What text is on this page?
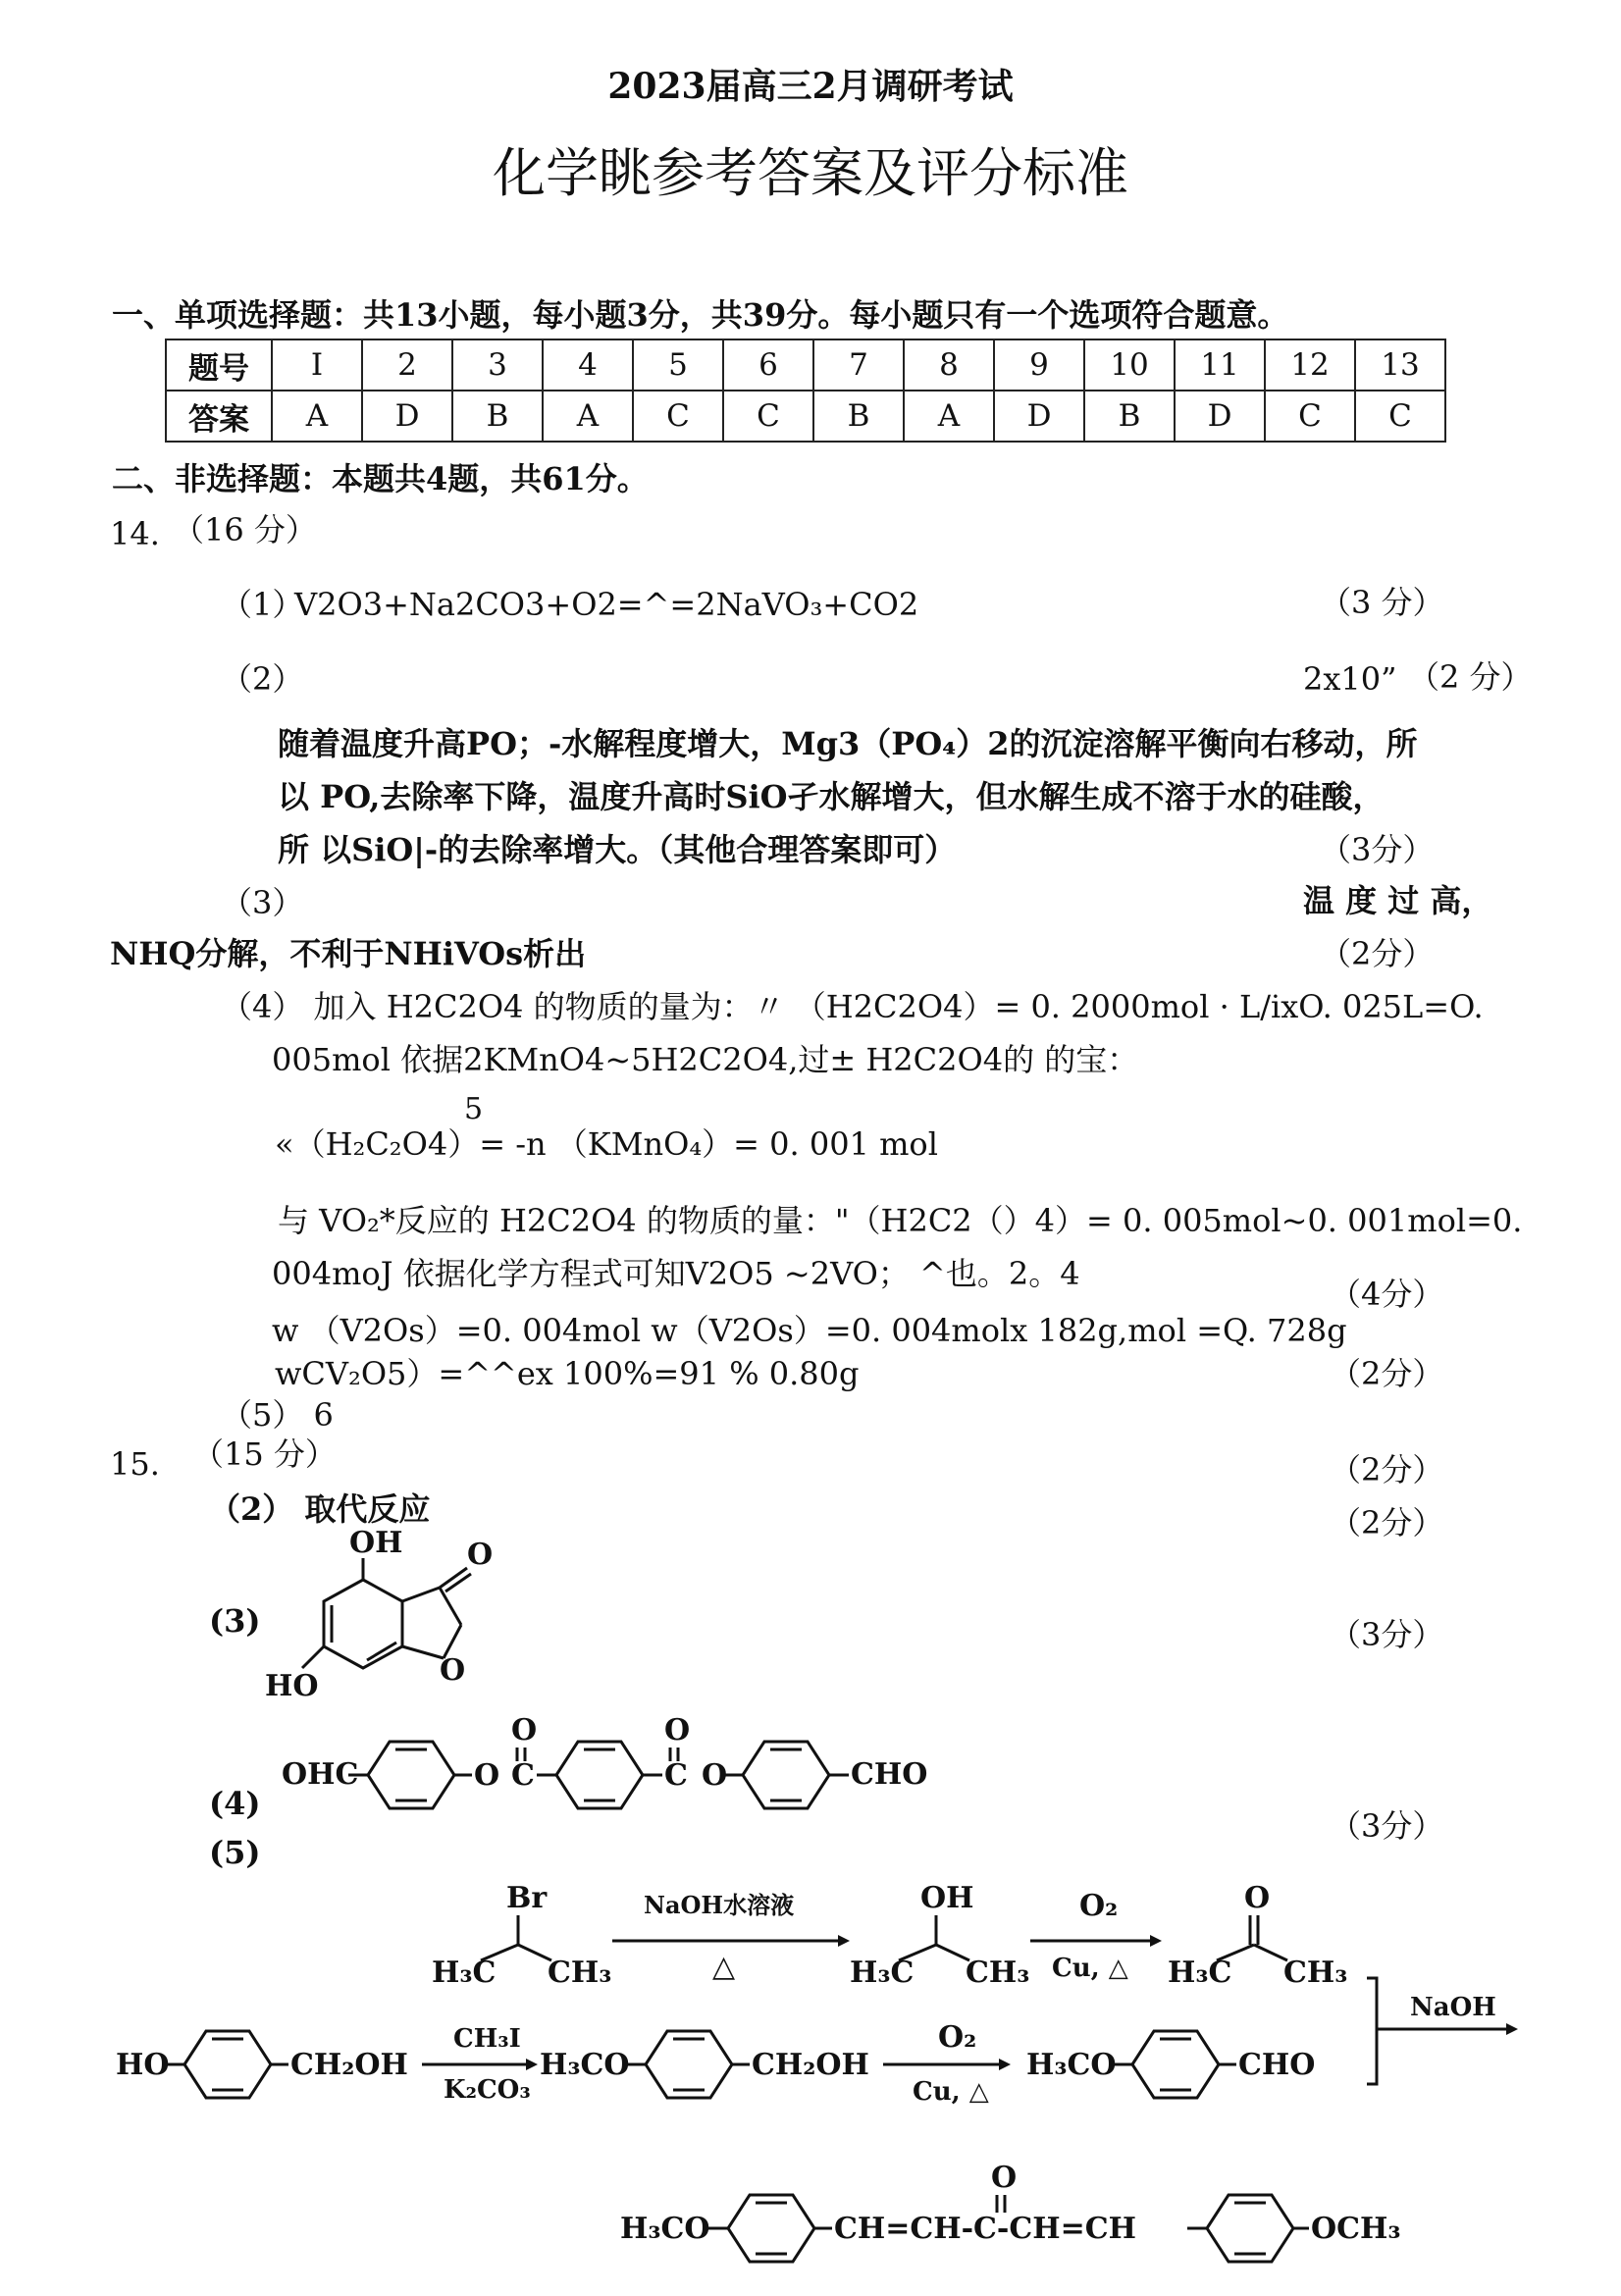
2023届高三2月调研考试
化学眺参考答案及评分标准
一、单项选择题：共13小题，每小题3分，共39分。每小题只有一个选项符合题意。
题号	I	2	3	4	5	6	7	8	9	10	11	12	13
答案	A	D	B	A	C	C	B	A	D	B	D	C	C
二、非选择题：本题共4题，共61分。
14. （16 分）
（1）
V2O3+Na2CO3+O2=^=2NaVO₃+CO2	（3 分）
（2）	2x10” （2 分）
随着温度升高PO；-水解程度增大，Mg3（PO₄）2的沉淀溶解平衡向右移动，所
以 PO,去除率下降，温度升高时SiO孑水解增大，但水解生成不溶于水的硅酸，
所 以SiO|-的去除率增大。（其他合理答案即可）	（3分）
（3）	温 度 过 高，
NHQ分解，不利于NHiVOs析出	（2分）
（4） 加入 H2C2O4 的物质的量为：〃 （H2C2O4）= 0. 2000mol · L/ixO. 025L=O.
005mol 依据2KMnO4~5H2C2O4,过± H2C2O4的 的宝：
5
«（H₂C₂O4）= -n （KMnO₄）= 0. 001 mol
与 VO₂*反应的 H2C2O4 的物质的量："（H2C2（）4）= 0. 005mol~0. 001mol=0.
004moJ 依据化学方程式可知V2O5 ~2VO； ^也。2。4
（4分）
w （V2Os）=0. 004mol w（V2Os）=0. 004molx 182g,mol =Q. 728g
wCV₂O5）=^^ex 100%=91 % 0.80g	（2分）
（5） 6
15. （15 分）	（2分）
（2） 取代反应	（2分）
(3)	（3分）
(4)
（3分）
(5)
OH O
HO	O
OHC	O C
O
C
O
O	CHO
Br
H₃C CH₃
NaOH水溶液
△
OH
H₃C CH₃
O₂
Cu, △
O
H₃C CH₃
NaOH
HO	CH₂OH
CH₃I
K₂CO₃
H₃CO	CH₂OH
O₂
Cu, △
H₃CO	CHO
H₃CO	CH=CH-C-CH=CH
O
OCH₃
